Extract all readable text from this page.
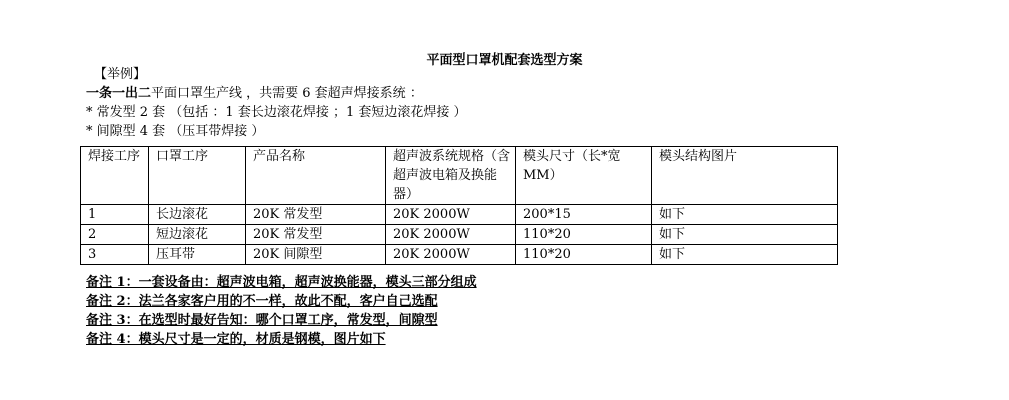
平面型口罩机配套选型方案
【举例】
一条一出二平面口罩生产线 ，共需要 6 套超声焊接系统 ：
* 常发型 2 套 （包括 ：1 套长边滚花焊接 ；1 套短边滚花焊接 ）
* 间隙型 4 套 （压耳带焊接 ）
焊接工序	口罩工序	产品名称	超声波系统规格（含超声波电箱及换能器）	模头尺寸（长*宽 MM）	模头结构图片
1	长边滚花	20K 常发型	20K 2000W	200*15	如下
2	短边滚花	20K 常发型	20K 2000W	110*20	如下
3	压耳带	20K 间隙型	20K 2000W	110*20	如下
备注 1：一套设备由：超声波电箱，超声波换能器，模头三部分组成
备注 2：法兰各家客户用的不一样，故此不配，客户自己选配
备注 3：在选型时最好告知：哪个口罩工序，常发型，间隙型
备注 4：模头尺寸是一定的，材质是钢模，图片如下
